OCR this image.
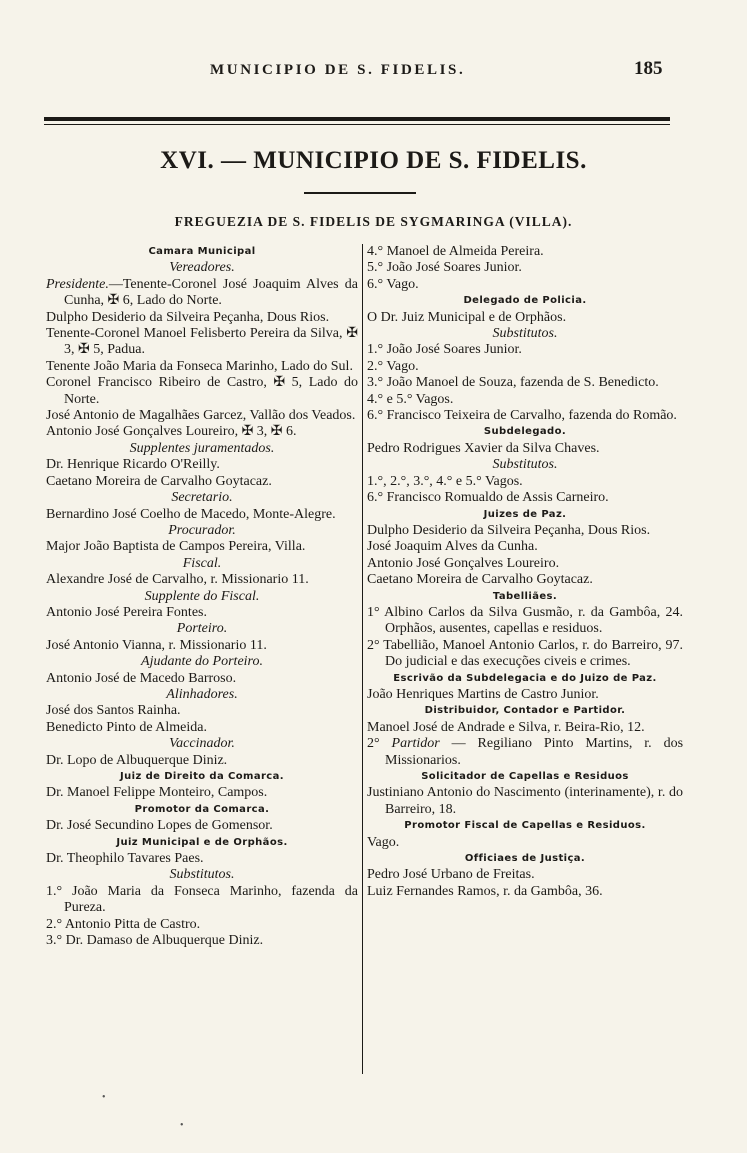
MUNICIPIO DE S. FIDELIS.	185
XVI. — MUNICIPIO DE S. FIDELIS.
FREGUEZIA DE S. FIDELIS DE SYGMARINGA (VILLA).
Camara Municipal
Vereadores.
Presidente.—Tenente-Coronel José Joaquim Alves da Cunha, ✠ 6, Lado do Norte.
Dulpho Desiderio da Silveira Peçanha, Dous Rios.
Tenente-Coronel Manoel Felisberto Pereira da Silva, ✠ 3, ✠ 5, Padua.
Tenente João Maria da Fonseca Marinho, Lado do Sul.
Coronel Francisco Ribeiro de Castro, ✠ 5, Lado do Norte.
José Antonio de Magalhães Garcez, Vallão dos Veados.
Antonio José Gonçalves Loureiro, ✠ 3, ✠ 6.
Supplentes juramentados.
Dr. Henrique Ricardo O'Reilly.
Caetano Moreira de Carvalho Goytacaz.
Secretario.
Bernardino José Coelho de Macedo, Monte-Alegre.
Procurador.
Major João Baptista de Campos Pereira, Villa.
Fiscal.
Alexandre José de Carvalho, r. Missionario 11.
Supplente do Fiscal.
Antonio José Pereira Fontes.
Porteiro.
José Antonio Vianna, r. Missionario 11.
Ajudante do Porteiro.
Antonio José de Macedo Barroso.
Alinhadores.
José dos Santos Rainha.
Benedicto Pinto de Almeida.
Vaccinador.
Dr. Lopo de Albuquerque Diniz.
Juiz de Direito da Comarca.
Dr. Manoel Felippe Monteiro, Campos.
Promotor da Comarca.
Dr. José Secundino Lopes de Gomensor.
Juiz Municipal e de Orphãos.
Dr. Theophilo Tavares Paes.
Substitutos.
1.° João Maria da Fonseca Marinho, fazenda da Pureza.
2.° Antonio Pitta de Castro.
3.° Dr. Damaso de Albuquerque Diniz.
4.° Manoel de Almeida Pereira.
5.° João José Soares Junior.
6.° Vago.
Delegado de Policia.
O Dr. Juiz Municipal e de Orphãos.
Substitutos.
1.° João José Soares Junior.
2.° Vago.
3.° João Manoel de Souza, fazenda de S. Benedicto.
4.° e 5.° Vagos.
6.° Francisco Teixeira de Carvalho, fazenda do Romão.
Subdelegado.
Pedro Rodrigues Xavier da Silva Chaves.
Substitutos.
1.°, 2.°, 3.°, 4.° e 5.° Vagos.
6.° Francisco Romualdo de Assis Carneiro.
Juizes de Paz.
Dulpho Desiderio da Silveira Peçanha, Dous Rios.
José Joaquim Alves da Cunha.
Antonio José Gonçalves Loureiro.
Caetano Moreira de Carvalho Goytacaz.
Tabelliães.
1° Albino Carlos da Silva Gusmão, r. da Gambôa, 24. Orphãos, ausentes, capellas e residuos.
2° Tabellião, Manoel Antonio Carlos, r. do Barreiro, 97. Do judicial e das execuções civeis e crimes.
Escrivão da Subdelegacia e do Juizo de Paz.
João Henriques Martins de Castro Junior.
Distribuidor, Contador e Partidor.
Manoel José de Andrade e Silva, r. Beira-Rio, 12.
2° Partidor — Regiliano Pinto Martins, r. dos Missionarios.
Solicitador de Capellas e Residuos
Justiniano Antonio do Nascimento (interinamente), r. do Barreiro, 18.
Promotor Fiscal de Capellas e Residuos.
Vago.
Officiaes de Justiça.
Pedro José Urbano de Freitas.
Luiz Fernandes Ramos, r. da Gambôa, 36.
•
•
